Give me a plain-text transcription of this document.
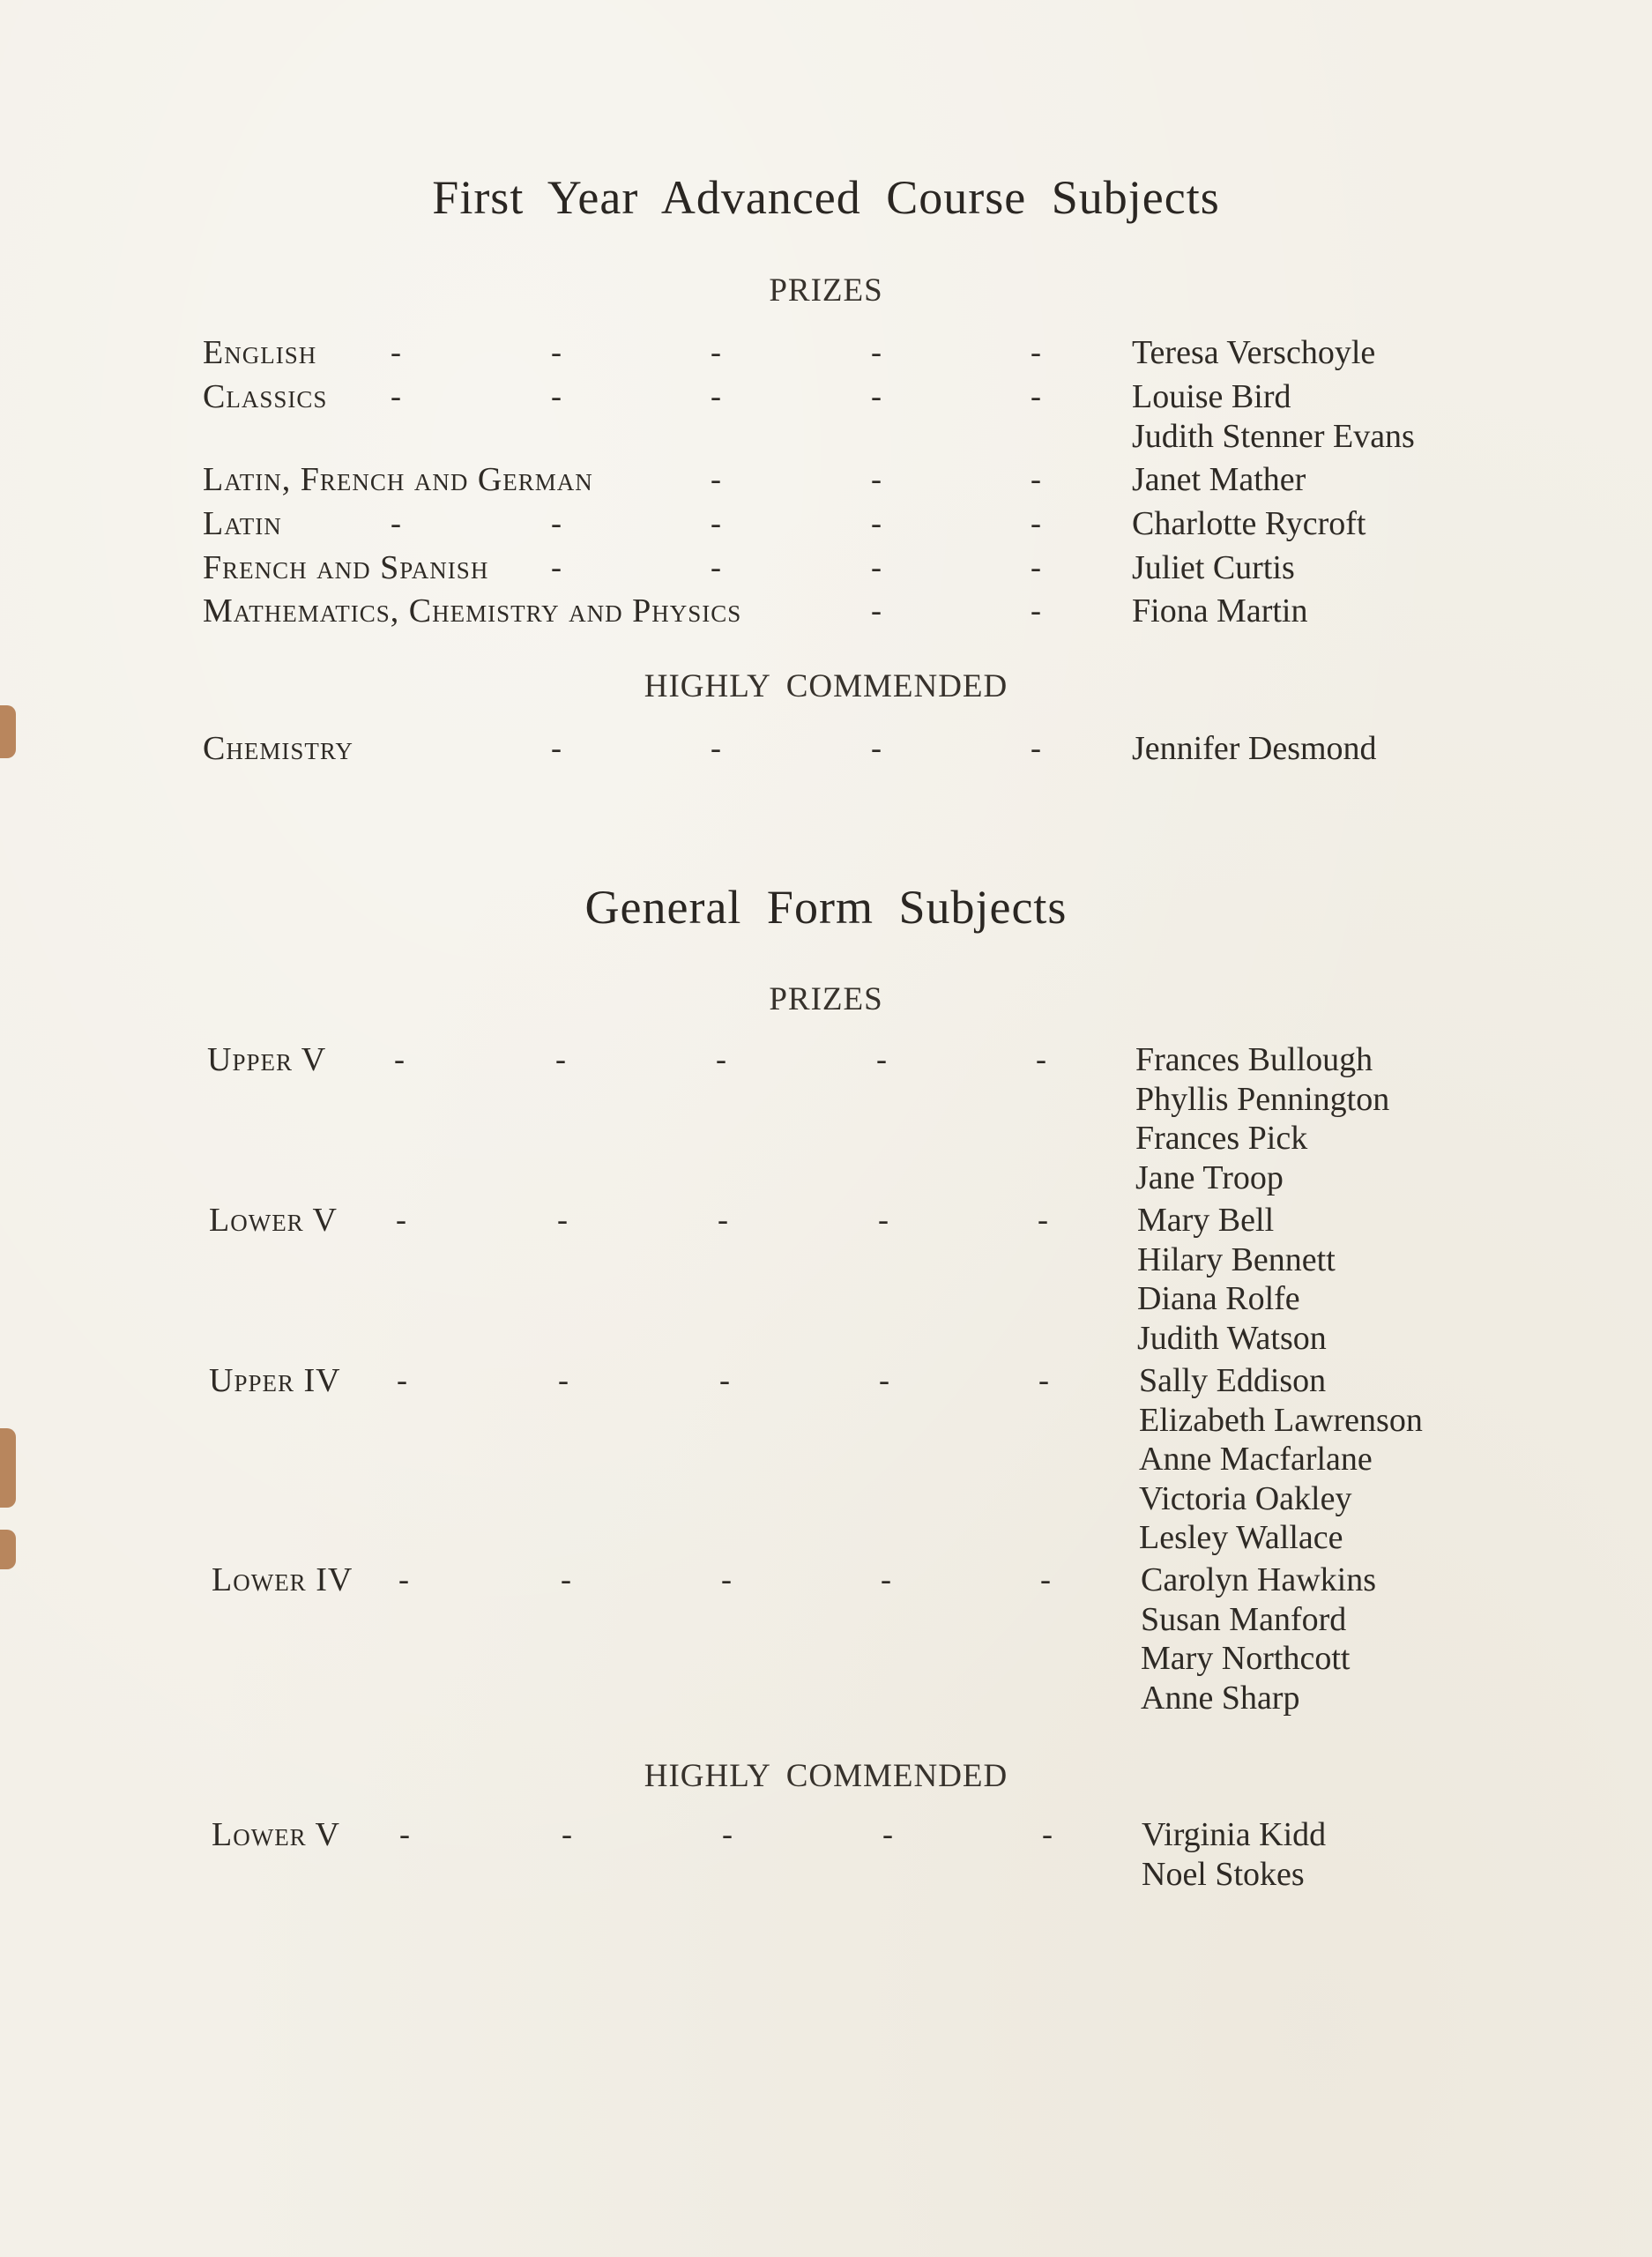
First Year Advanced Course Subjects
PRIZES
English -	-	-	-	-	Teresa Verschoyle
Classics -	-	-	-	-	Louise Bird
Judith Stenner Evans
Latin, French and German	-	-	-	Janet Mather
Latin	-	-	-	-	-	Charlotte Rycroft
French and Spanish -	-	-	-	Juliet Curtis
Mathematics, Chemistry and Physics	-	-	Fiona Martin
HIGHLY COMMENDED
Chemistry	-	-	-	-	Jennifer Desmond
General Form Subjects
PRIZES
Upper V -	-	-	-	-	Frances Bullough
Phyllis Pennington
Frances Pick
Jane Troop
Lower V -	-	-	-	-	Mary Bell
Hilary Bennett
Diana Rolfe
Judith Watson
Upper IV -	-	-	-	-	Sally Eddison
Elizabeth Lawrenson
Anne Macfarlane
Victoria Oakley
Lesley Wallace
Lower IV -	-	-	-	-	Carolyn Hawkins
Susan Manford
Mary Northcott
Anne Sharp
HIGHLY COMMENDED
Lower V -	-	-	-	-	Virginia Kidd
Noel Stokes
